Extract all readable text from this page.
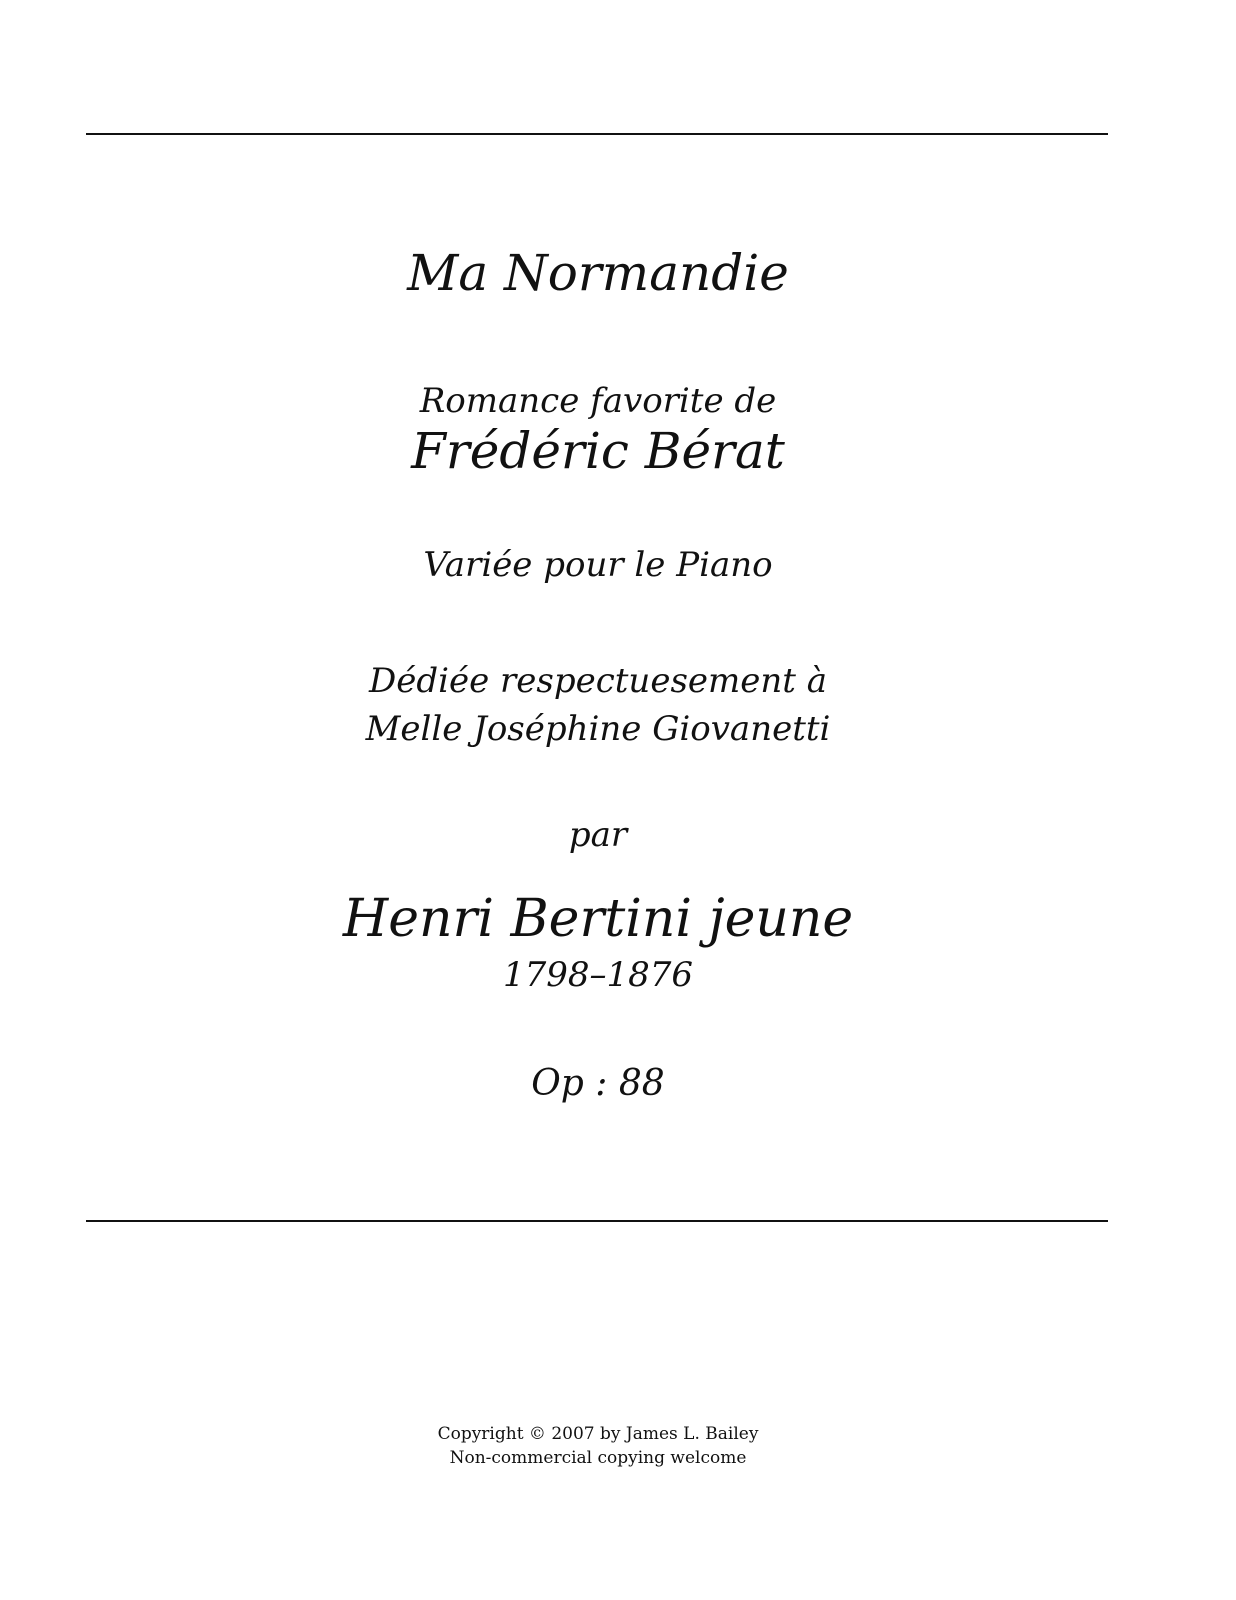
Ma Normandie
Romance favorite de
Frédéric Bérat
Variée pour le Piano
Dédiée respectuesement à
Melle Joséphine Giovanetti
par
Henri Bertini jeune
1798–1876
Op : 88
Copyright © 2007 by James L. Bailey
Non-commercial copying welcome
